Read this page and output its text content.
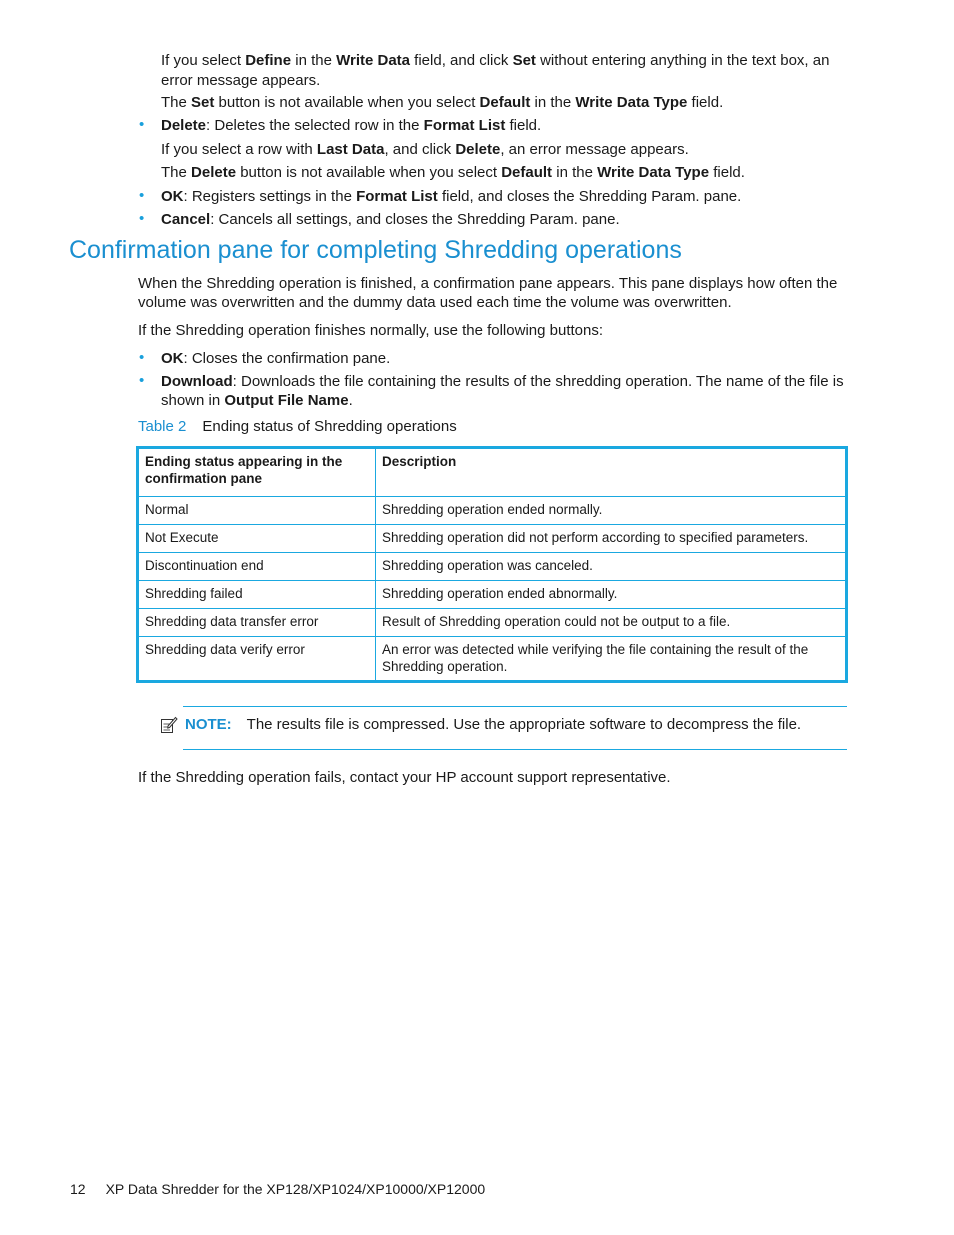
If you select Define in the Write Data field, and click Set without entering anything in the text box, an
error message appears.
The Set button is not available when you select Default in the Write Data Type field.
• Delete: Deletes the selected row in the Format List field.
If you select a row with Last Data, and click Delete, an error message appears.
The Delete button is not available when you select Default in the Write Data Type field.
• OK: Registers settings in the Format List field, and closes the Shredding Param. pane.
• Cancel: Cancels all settings, and closes the Shredding Param. pane.
Confirmation pane for completing Shredding operations
When the Shredding operation is finished, a confirmation pane appears. This pane displays how often the
volume was overwritten and the dummy data used each time the volume was overwritten.
If the Shredding operation finishes normally, use the following buttons:
• OK: Closes the confirmation pane.
• Download: Downloads the file containing the results of the shredding operation. The name of the file is
shown in Output File Name.
Table 2 Ending status of Shredding operations
Ending status appearing in the confirmation pane	Description
Normal	Shredding operation ended normally.
Not Execute	Shredding operation did not perform according to specified parameters.
Discontinuation end	Shredding operation was canceled.
Shredding failed	Shredding operation ended abnormally.
Shredding data transfer error	Result of Shredding operation could not be output to a file.
Shredding data verify error	An error was detected while verifying the file containing the result of the Shredding operation.
NOTE: The results file is compressed. Use the appropriate software to decompress the file.
If the Shredding operation fails, contact your HP account support representative.
12 XP Data Shredder for the XP128/XP1024/XP10000/XP12000
